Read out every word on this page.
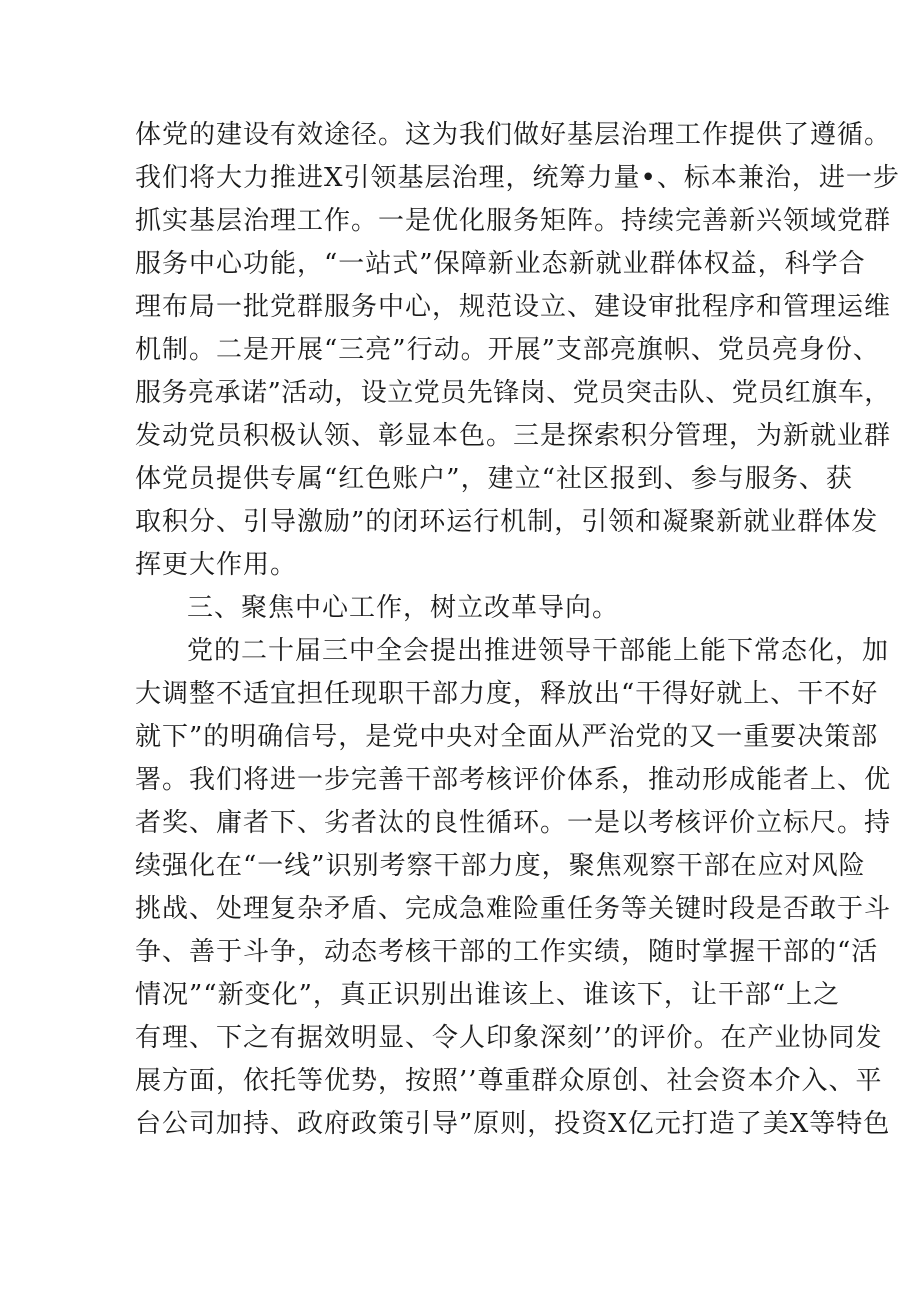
体党的建设有效途径。这为我们做好基层治理工作提供了遵循。
我们将大力推进X引领基层治理，统筹力量•、标本兼治，进一步
抓实基层治理工作。一是优化服务矩阵。持续完善新兴领域党群
服务中心功能，“一站式”保障新业态新就业群体权益，科学合
理布局一批党群服务中心，规范设立、建设审批程序和管理运维
机制。二是开展“三亮”行动。开展”支部亮旗帜、党员亮身份、
服务亮承诺”活动，设立党员先锋岗、党员突击队、党员红旗车，
发动党员积极认领、彰显本色。三是探索积分管理，为新就业群
体党员提供专属“红色账户”，建立“社区报到、参与服务、获
取积分、引导激励”的闭环运行机制，引领和凝聚新就业群体发
挥更大作用。
三、聚焦中心工作，树立改革导向。
党的二十届三中全会提出推进领导干部能上能下常态化，加
大调整不适宜担任现职干部力度，释放出“干得好就上、干不好
就下”的明确信号，是党中央对全面从严治党的又一重要决策部
署。我们将进一步完善干部考核评价体系，推动形成能者上、优
者奖、庸者下、劣者汰的良性循环。一是以考核评价立标尺。持
续强化在“一线”识别考察干部力度，聚焦观察干部在应对风险
挑战、处理复杂矛盾、完成急难险重任务等关键时段是否敢于斗
争、善于斗争，动态考核干部的工作实绩，随时掌握干部的“活
情况”“新变化”，真正识别出谁该上、谁该下，让干部“上之
有理、下之有据效明显、令人印象深刻’’的评价。在产业协同发
展方面，依托等优势，按照’’尊重群众原创、社会资本介入、平
台公司加持、政府政策引导”原则，投资X亿元打造了美X等特色
